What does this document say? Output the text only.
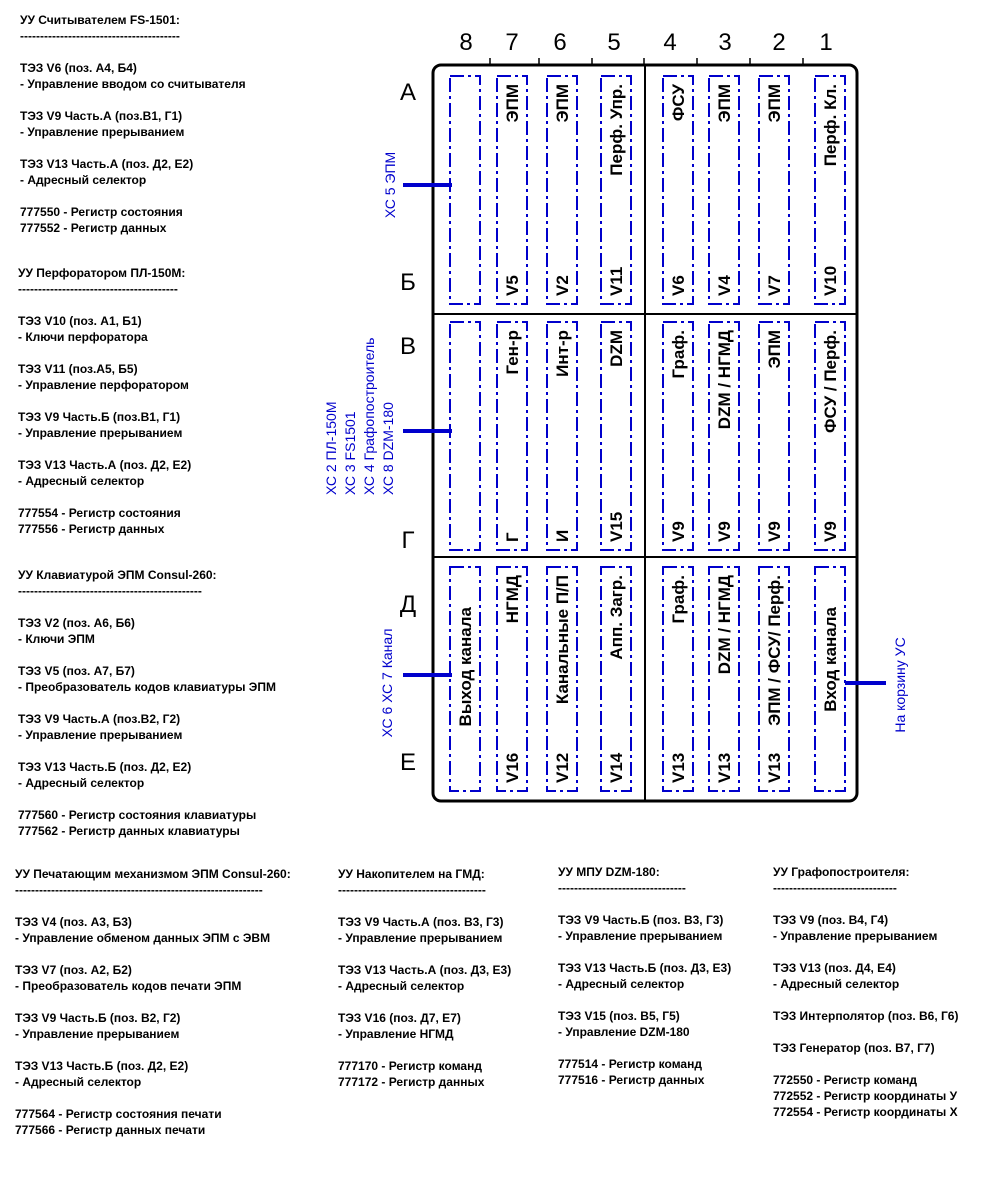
УУ Считывателем FS-1501:
----------------------------------------
ТЭЗ V6 (поз. А4, Б4)
- Управление вводом со считывателя
ТЭЗ V9 Часть.А (поз.В1, Г1)
- Управление прерыванием
ТЭЗ V13 Часть.А (поз. Д2, Е2)
- Адресный селектор
777550 - Регистр состояния
777552 - Регистр данных
УУ Перфоратором ПЛ-150М:
----------------------------------------
ТЭЗ V10 (поз. А1, Б1)
- Ключи перфоратора
ТЭЗ V11 (поз.А5, Б5)
- Управление перфоратором
ТЭЗ V9 Часть.Б (поз.В1, Г1)
- Управление прерыванием
ТЭЗ V13 Часть.А (поз. Д2, Е2)
- Адресный селектор
777554 - Регистр состояния
777556 - Регистр данных
УУ Клавиатурой ЭПМ Consul-260:
----------------------------------------------
ТЭЗ V2 (поз. А6, Б6)
- Ключи ЭПМ
ТЭЗ V5 (поз. А7, Б7)
- Преобразователь кодов клавиатуры ЭПМ
ТЭЗ V9 Часть.А (поз.В2, Г2)
- Управление прерыванием
ТЭЗ V13 Часть.Б (поз. Д2, Е2)
- Адресный селектор
777560 - Регистр состояния клавиатуры
777562 - Регистр данных клавиатуры
УУ Печатающим механизмом ЭПМ Consul-260:
--------------------------------------------------------------
ТЭЗ V4 (поз. А3, Б3)
- Управление обменом данных ЭПМ с ЭВМ
ТЭЗ V7 (поз. А2, Б2)
- Преобразователь кодов печати ЭПМ
ТЭЗ V9 Часть.Б (поз. В2, Г2)
- Управление прерыванием
ТЭЗ V13 Часть.Б (поз. Д2, Е2)
- Адресный селектор
777564 - Регистр состояния печати
777566 - Регистр данных печати
УУ Накопителем на ГМД:
-------------------------------------
ТЭЗ V9 Часть.А (поз. В3, Г3)
- Управление прерыванием
ТЭЗ V13 Часть.А (поз. Д3, Е3)
- Адресный селектор
ТЭЗ V16 (поз. Д7, Е7)
- Управление НГМД
777170 - Регистр команд
777172 - Регистр данных
УУ МПУ DZM-180:
--------------------------------
ТЭЗ V9 Часть.Б (поз. В3, Г3)
- Управление прерыванием
ТЭЗ V13 Часть.Б (поз. Д3, Е3)
- Адресный селектор
ТЭЗ V15 (поз. В5, Г5)
- Управление DZM-180
777514 - Регистр команд
777516 - Регистр данных
УУ Графопостроителя:
-------------------------------
ТЭЗ V9 (поз. В4, Г4)
- Управление прерыванием
ТЭЗ V13 (поз. Д4, Е4)
- Адресный селектор
ТЭЗ Интерполятор (поз. В6, Г6)
ТЭЗ Генератор (поз. В7, Г7)
772550 - Регистр команд
772552 - Регистр координаты У
772554 - Регистр координаты Х
8 7 6 5 4 3 2 1
А
Б
В
Г
Д
Е
V5
ЭПМ
V2
ЭПМ
V11
Перф. Упр.
V6
ФСУ
V4
ЭПМ
V7
ЭПМ
V10
Перф. Кл.
Г
Ген-р
И
Инт-р
V15
DZM
V9
Граф.
V9
DZM / НГМД
V9
ЭПМ
V9
ФСУ / Перф.
Выход канала
V16
НГМД
V12
Канальные П/П
V14
Апп. Загр.
V13
Граф.
V13
DZM / НГМД
V13
ЭПМ / ФСУ/ Перф. Вход канала
ХС 5 ЭПМ
ХС 2 ПЛ-150М ХС 3 FS1501 ХС 4 Графопостроитель ХС 8 DZM-180
ХС 6 ХС 7 Канал	На корзину УС
